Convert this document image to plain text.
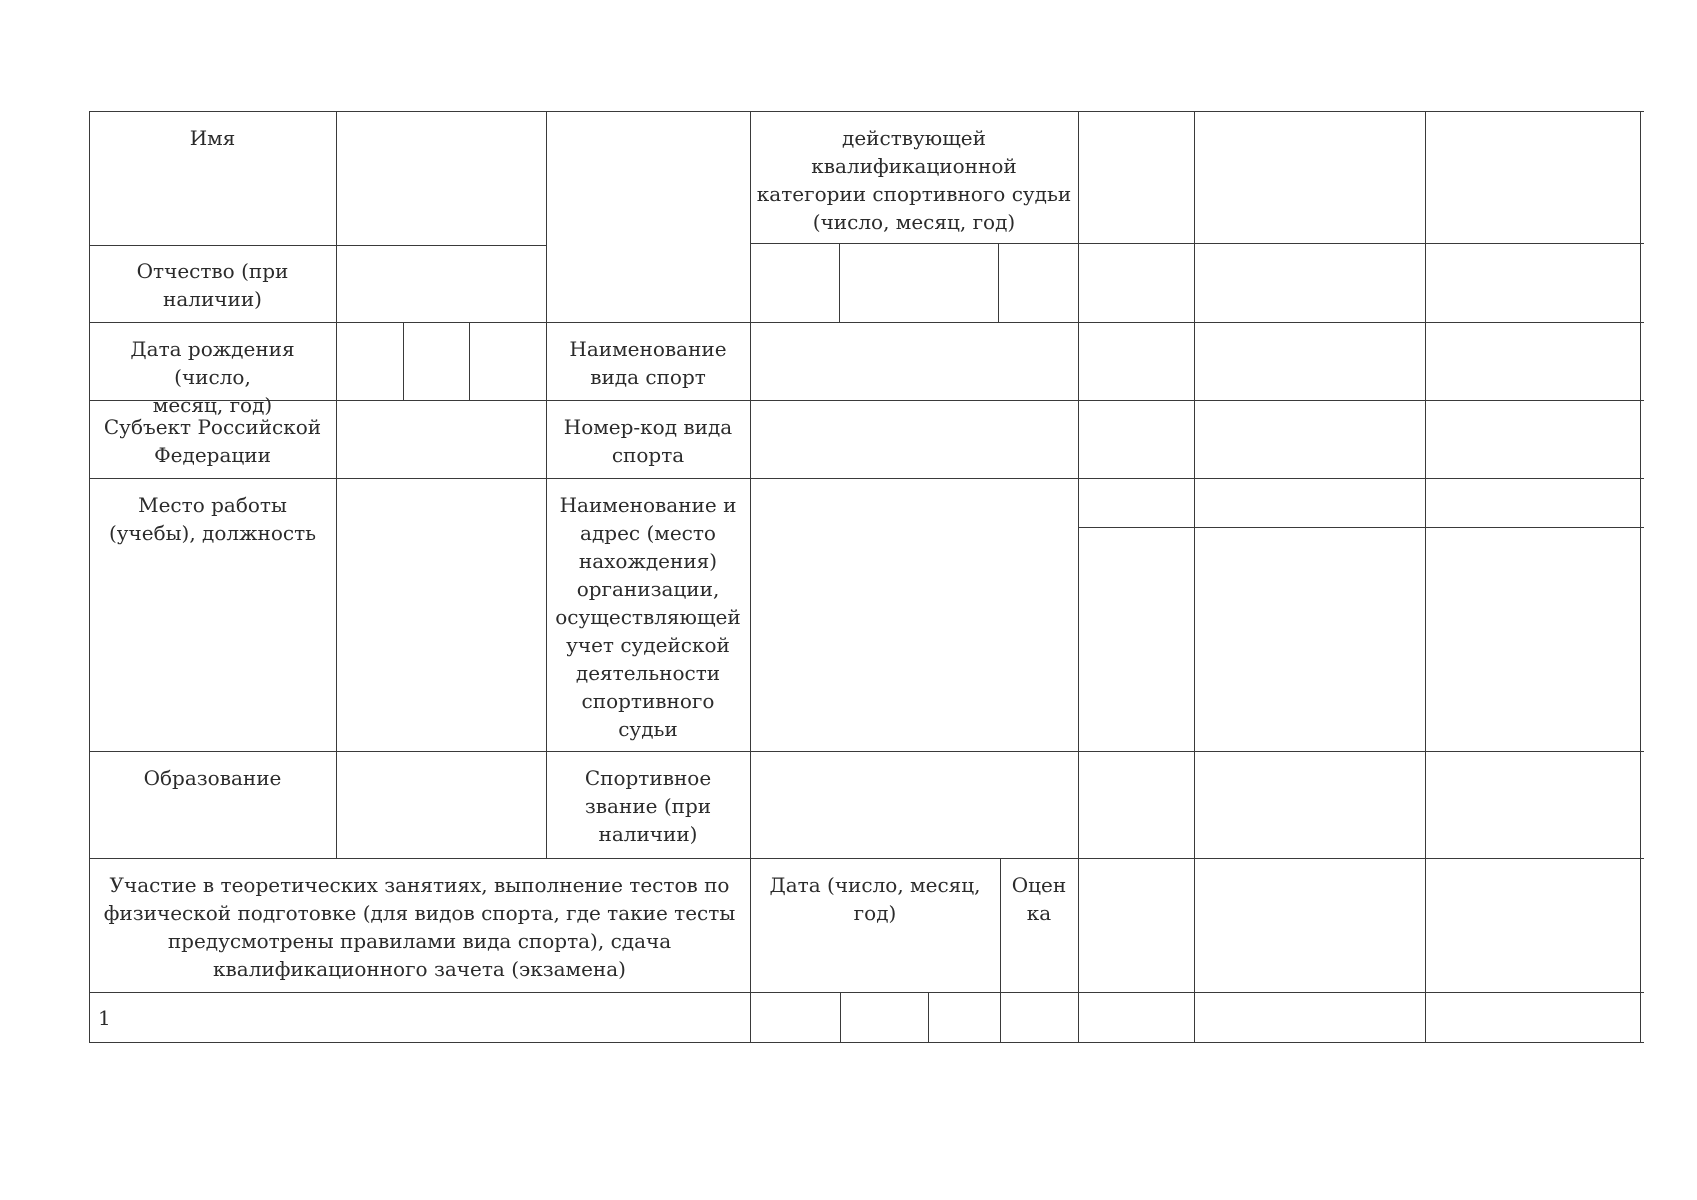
Имя
Отчество (при
наличии)
Дата рождения (число,
месяц, год)
Субъект Российской
Федерации
Место работы
(учебы), должность
Образование
Наименование
вида спорт
Номер-код вида
спорта
Наименование и
адрес (место
нахождения)
организации,
осуществляющей
учет судейской
деятельности
спортивного
судьи
Спортивное
звание (при
наличии)
действующей
квалификационной
категории спортивного судьи
(число, месяц, год)
Участие в теоретических занятиях, выполнение тестов по
физической подготовке (для видов спорта, где такие тесты
предусмотрены правилами вида спорта), сдача
квалификационного зачета (экзамена)
Дата (число, месяц,
год)
Оцен
ка
1
